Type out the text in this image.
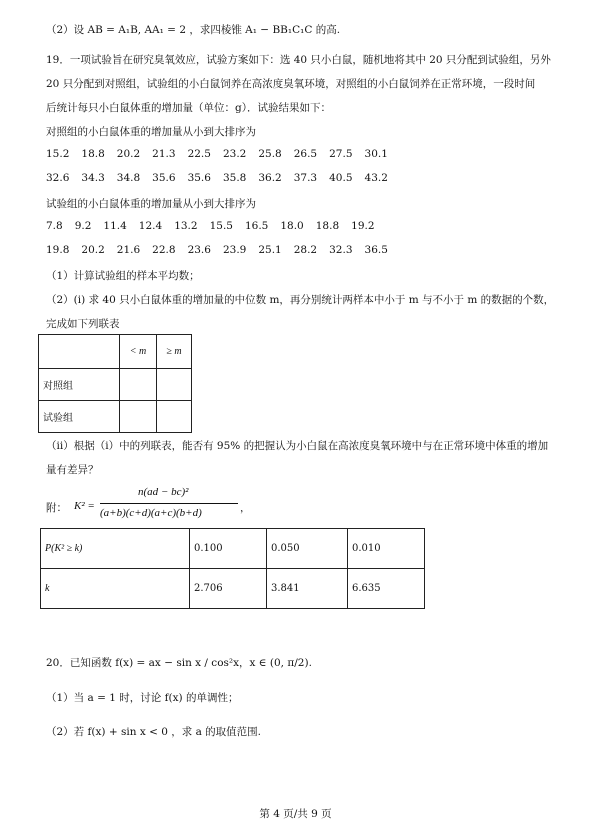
（2）设 AB = A₁B, AA₁ = 2 ，求四棱锥 A₁ − BB₁C₁C 的高.
19．一项试验旨在研究臭氧效应，试验方案如下：选 40 只小白鼠，随机地将其中 20 只分配到试验组，另外
20 只分配到对照组，试验组的小白鼠饲养在高浓度臭氧环境，对照组的小白鼠饲养在正常环境，一段时间
后统计每只小白鼠体重的增加量（单位：g）．试验结果如下：
对照组的小白鼠体重的增加量从小到大排序为
15.2 18.8 20.2 21.3 22.5 23.2 25.8 26.5 27.5 30.1
32.6 34.3 34.8 35.6 35.6 35.8 36.2 37.3 40.5 43.2
试验组的小白鼠体重的增加量从小到大排序为
7.8 9.2 11.4 12.4 13.2 15.5 16.5 18.0 18.8 19.2
19.8 20.2 21.6 22.8 23.6 23.9 25.1 28.2 32.3 36.5
（1）计算试验组的样本平均数；
（2）(i) 求 40 只小白鼠体重的增加量的中位数 m，再分别统计两样本中小于 m 与不小于 m 的数据的个数，
完成如下列联表
	< m	≥ m
对照组		
试验组		
（ii）根据（i）中的列联表，能否有 95% 的把握认为小白鼠在高浓度臭氧环境中与在正常环境中体重的增加
量有差异？
附： K² =
n(ad − bc)²
(a+b)(c+d)(a+c)(b+d)	，
P(K² ≥ k)	0.100	0.050	0.010
k	2.706	3.841	6.635
20．已知函数 f(x) = ax − sin x / cos²x，x ∈ (0, π/2).
（1）当 a = 1 时，讨论 f(x) 的单调性；
（2）若 f(x) + sin x < 0 ，求 a 的取值范围.
第 4 页/共 9 页
